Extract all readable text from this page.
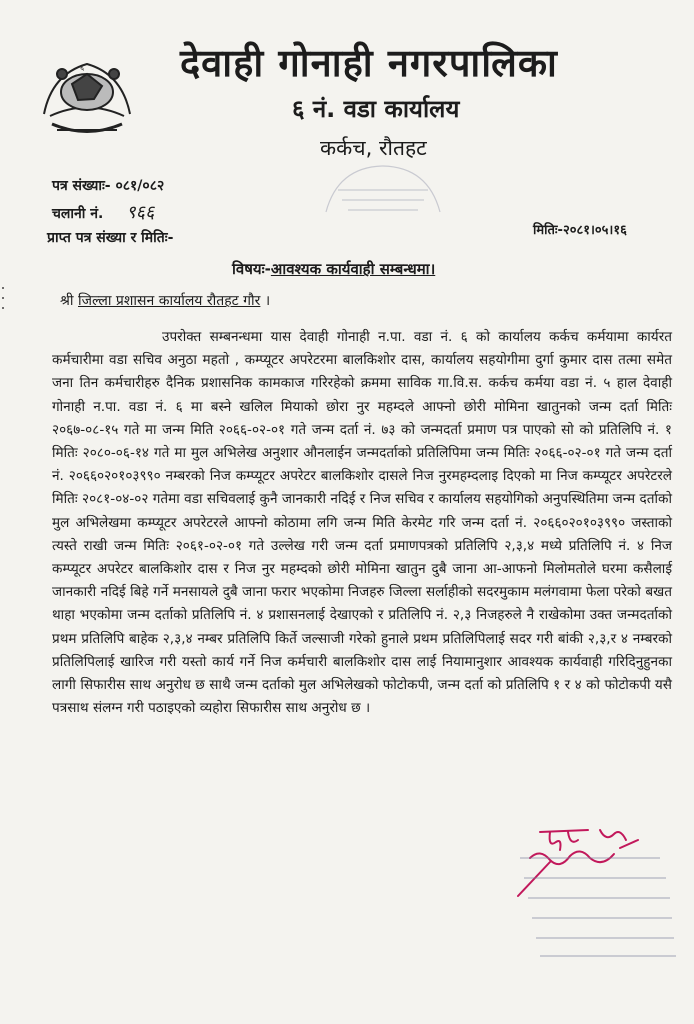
६	देवाही गोनाही नगरपालिका
६ नं. वडा कार्यालय
कर्कच, रौतहट
पत्र संख्याः- ०८१/०८२
चलानी नं. ९६६
प्राप्त पत्र संख्या र मितिः-	मितिः-२०८१।०५।१६
विषयः-आवश्यक कार्यवाही सम्बन्धमा।
श्री जिल्ला प्रशासन कार्यालय रौतहट गौर ।
उपरोक्त सम्बनन्धमा यास देवाही गोनाही न.पा. वडा नं. ६ को कार्यालय कर्कच कर्मयामा कार्यरत कर्मचारीमा वडा सचिव अनुठा महतो , कम्प्यूटर अपरेटरमा बालकिशोर दास, कार्यालय सहयोगीमा दुर्गा कुमार दास तत्मा समेत जना तिन कर्मचारीहरु दैनिक प्रशासनिक कामकाज गरिरहेको क्रममा साविक गा.वि.स. कर्कच कर्मया वडा नं. ५ हाल देवाही गोनाही न.पा. वडा नं. ६ मा बस्ने खलिल मियाको छोरा नुर महम्दले आफ्नो छोरी मोमिना खातुनको जन्म दर्ता मितिः २०६७-०८-१५ गते मा जन्म मिति २०६६-०२-०१ गते जन्म दर्ता नं. ७३ को जन्मदर्ता प्रमाण पत्र पाएको सो को प्रतिलिपि नं. १ मितिः २०८०-०६-१४ गते मा मुल अभिलेख अनुशार औनलाईन जन्मदर्ताको प्रतिलिपिमा जन्म मितिः २०६६-०२-०१ गते जन्म दर्ता नं. २०६६०२०१०३९९० नम्बरको निज कम्प्यूटर अपरेटर बालकिशोर दासले निज नुरमहम्दलाइ दिएको मा निज कम्प्यूटर अपरेटरले मितिः २०८१-०४-०२ गतेमा वडा सचिवलाई कुनै जानकारी नदिई र निज सचिव र कार्यालय सहयोगिको अनुपस्थितिमा जन्म दर्ताको मुल अभिलेखमा कम्प्यूटर अपरेटरले आफ्नो कोठामा लगि जन्म मिति केरमेट गरि जन्म दर्ता नं. २०६६०२०१०३९९० जस्ताको त्यस्ते राखी जन्म मितिः २०६१-०२-०१ गते उल्लेख गरी जन्म दर्ता प्रमाणपत्रको प्रतिलिपि २,३,४ मध्ये प्रतिलिपि नं. ४ निज कम्प्यूटर अपरेटर बालकिशोर दास र निज नुर महम्दको छोरी मोमिना खातुन दुबै जाना आ-आफनो मिलोमतोले घरमा कसैलाई जानकारी नदिई बिहे गर्ने मनसायले दुबै जाना फरार भएकोमा निजहरु जिल्ला सर्लाहीको सदरमुकाम मलंगवामा फेला परेको बखत थाहा भएकोमा जन्म दर्ताको प्रतिलिपि नं. ४ प्रशासनलाई देखाएको र प्रतिलिपि नं. २,३ निजहरुले नै राखेकोमा उक्त जन्मदर्ताको प्रथम प्रतिलिपि बाहेक २,३,४ नम्बर प्रतिलिपि किर्ते जल्साजी गरेको हुनाले प्रथम प्रतिलिपिलाई सदर गरी बांकी २,३,र ४ नम्बरको प्रतिलिपिलाई खारिज गरी यस्तो कार्य गर्ने निज कर्मचारी बालकिशोर दास लाई नियामानुशार आवश्यक कार्यवाही गरिदिनुहुनका लागी सिफारीस साथ अनुरोध छ साथै जन्म दर्ताको मुल अभिलेखको फोटोकपी, जन्म दर्ता को प्रतिलिपि १ र ४ को फोटोकपी यसै पत्रसाथ संलग्न गरी पठाइएको व्यहोरा सिफारीस साथ अनुरोध छ ।
